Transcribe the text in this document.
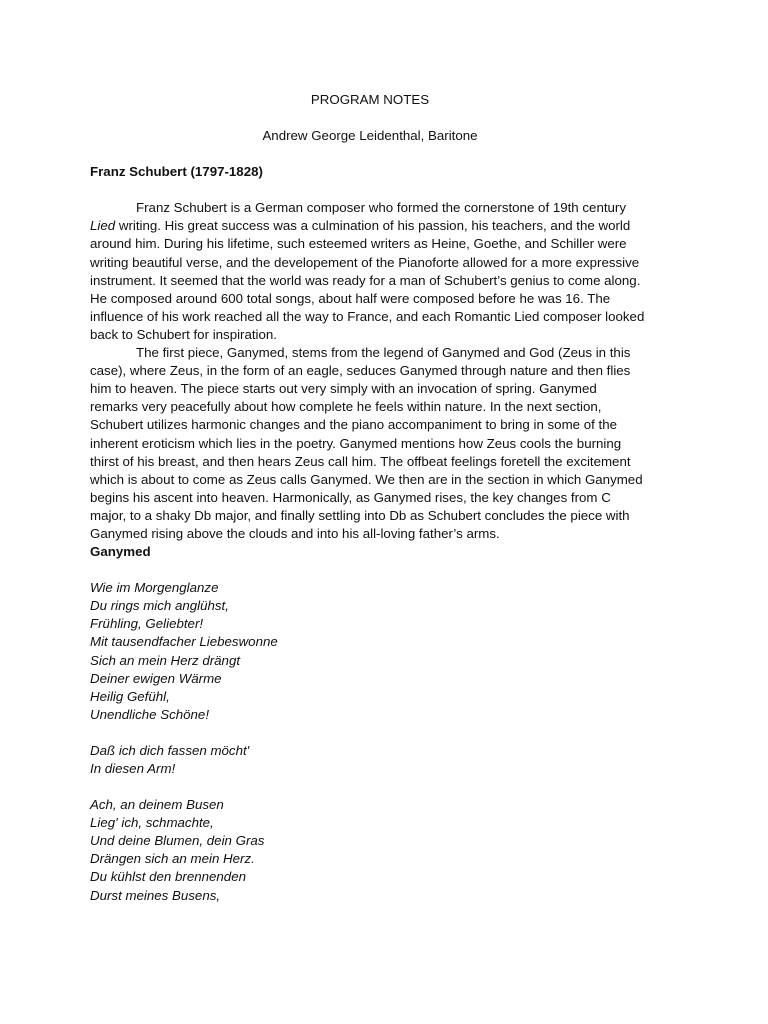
PROGRAM NOTES

Andrew George Leidenthal, Baritone

Franz Schubert (1797-1828)

Franz Schubert is a German composer who formed the cornerstone of 19th century Lied writing. His great success was a culmination of his passion, his teachers, and the world around him. During his lifetime, such esteemed writers as Heine, Goethe, and Schiller were writing beautiful verse, and the developement of the Pianoforte allowed for a more expressive instrument. It seemed that the world was ready for a man of Schubert’s genius to come along. He composed around 600 total songs, about half were composed before he was 16. The influence of his work reached all the way to France, and each Romantic Lied composer looked back to Schubert for inspiration.

The first piece, Ganymed, stems from the legend of Ganymed and God (Zeus in this case), where Zeus, in the form of an eagle, seduces Ganymed through nature and then flies him to heaven. The piece starts out very simply with an invocation of spring. Ganymed remarks very peacefully about how complete he feels within nature. In the next section, Schubert utilizes harmonic changes and the piano accompaniment to bring in some of the inherent eroticism which lies in the poetry. Ganymed mentions how Zeus cools the burning thirst of his breast, and then hears Zeus call him. The offbeat feelings foretell the excitement which is about to come as Zeus calls Ganymed. We then are in the section in which Ganymed begins his ascent into heaven. Harmonically, as Ganymed rises, the key changes from C major, to a shaky Db major, and finally settling into Db as Schubert concludes the piece with Ganymed rising above the clouds and into his all-loving father’s arms.

Ganymed

Wie im Morgenglanze
Du rings mich anglühst,
Frühling, Geliebter!
Mit tausendfacher Liebeswonne
Sich an mein Herz drängt
Deiner ewigen Wärme
Heilig Gefühl,
Unendliche Schöne!
Daß ich dich fassen möcht'
In diesen Arm!
Ach, an deinem Busen
Lieg' ich, schmachte,
Und deine Blumen, dein Gras
Drängen sich an mein Herz.
Du kühlst den brennenden
Durst meines Busens,
